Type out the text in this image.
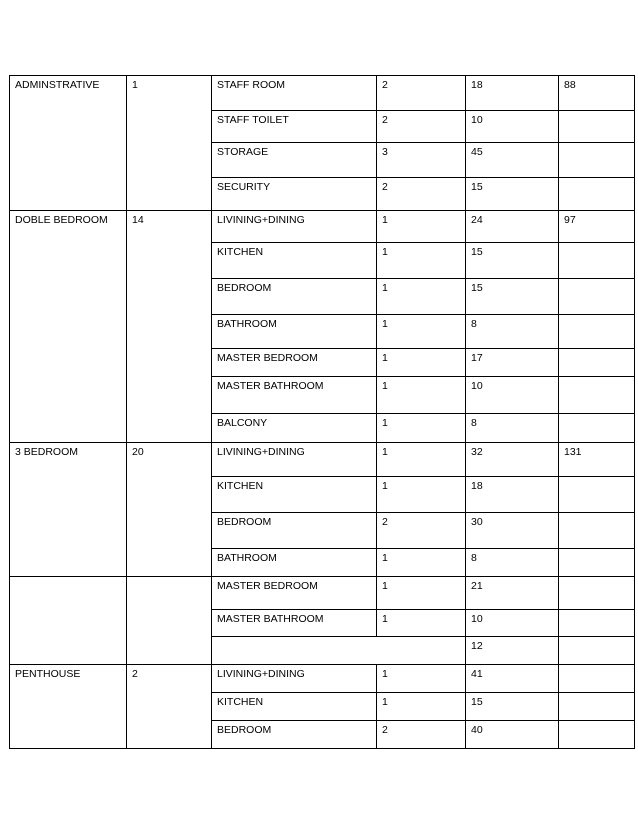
ADMINSTRATIVE	1	STAFF ROOM	2	18	88
		STAFF TOILET	2	10	
		STORAGE	3	45	
		SECURITY	2	15	
DOBLE BEDROOM	14	LIVINING+DINING	1	24	97
		KITCHEN	1	15	
		BEDROOM	1	15	
		BATHROOM	1	8	
		MASTER BEDROOM	1	17	
		MASTER BATHROOM	1	10	
		BALCONY	1	8	
3 BEDROOM	20	LIVINING+DINING	1	32	131
		KITCHEN	1	18	
		BEDROOM	2	30	
		BATHROOM	1	8	
		MASTER BEDROOM	1	21	
		MASTER BATHROOM	1	10	
				12	
PENTHOUSE	2	LIVINING+DINING	1	41	
		KITCHEN	1	15	
		BEDROOM	2	40	
